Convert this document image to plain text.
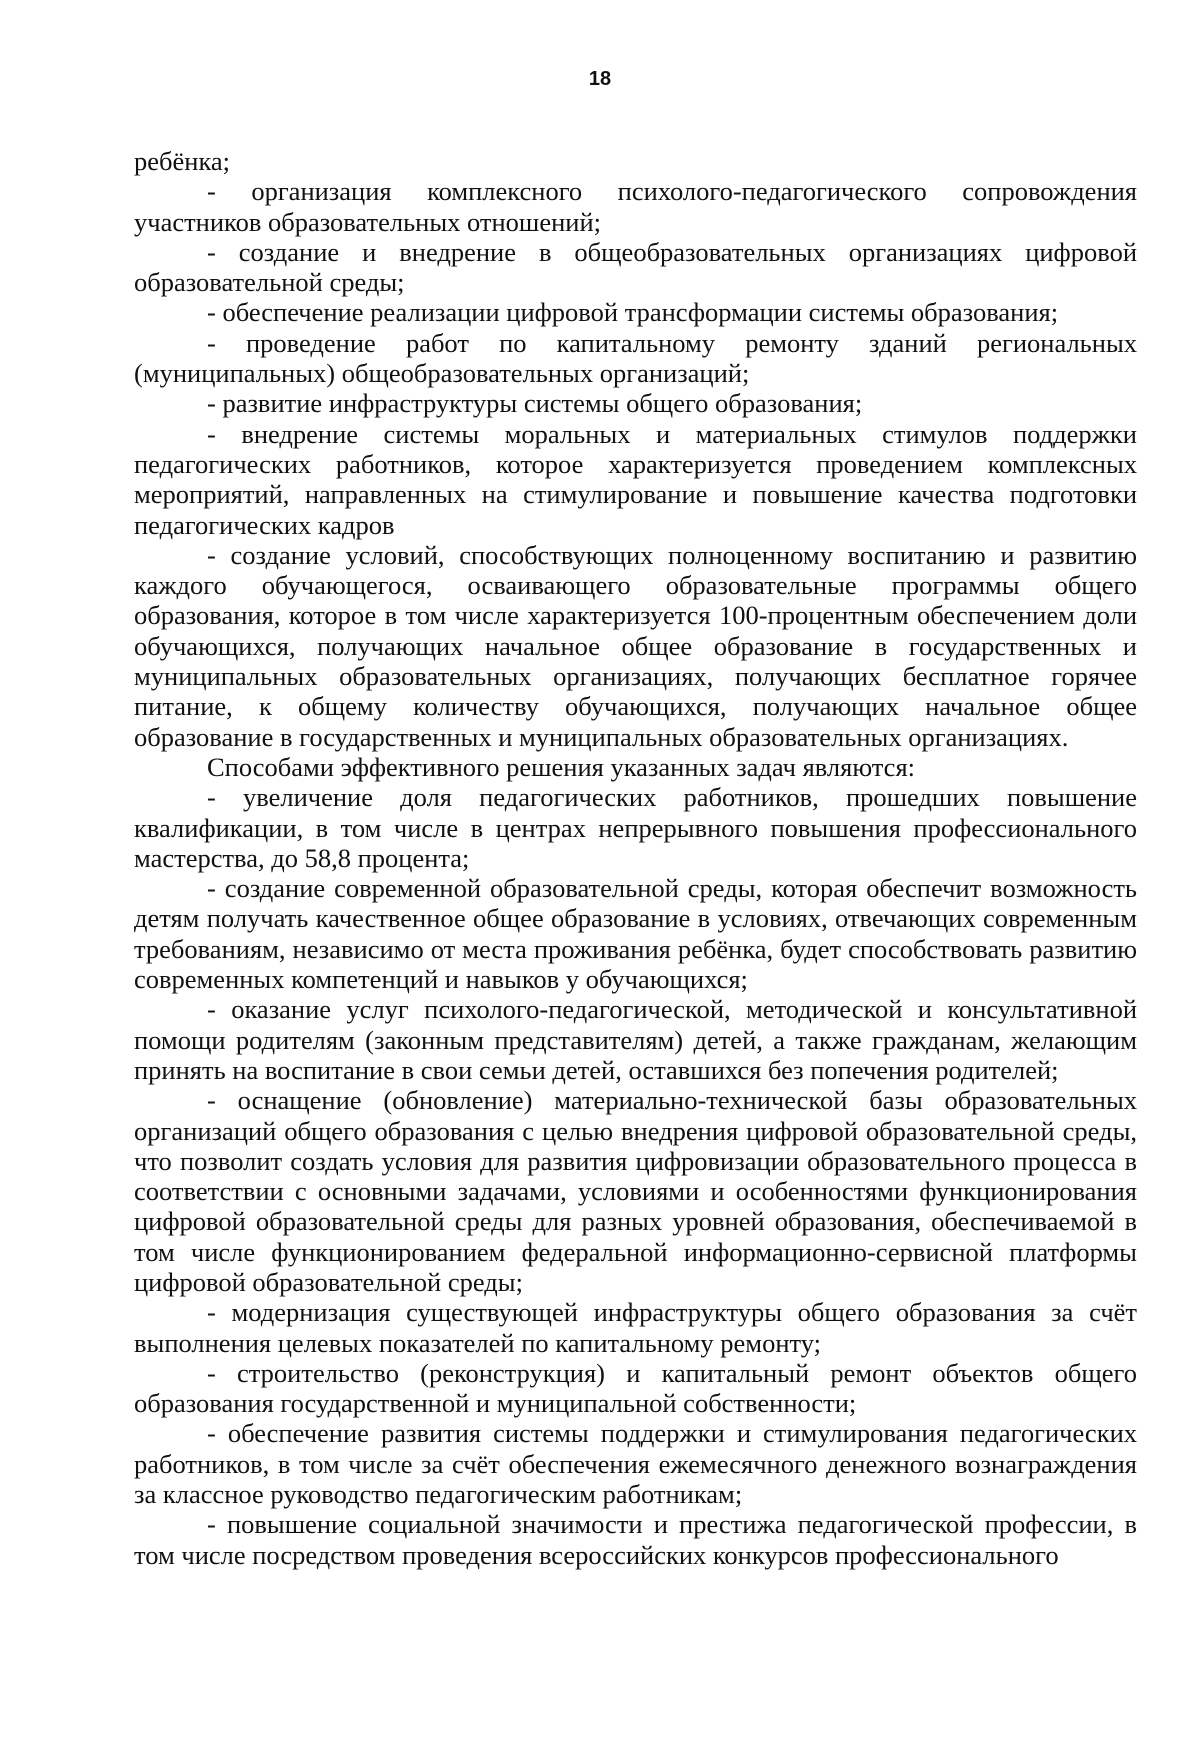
18

ребёнка;

- организация комплексного психолого-педагогического сопровождения участников образовательных отношений;

- создание и внедрение в общеобразовательных организациях цифровой образовательной среды;

- обеспечение реализации цифровой трансформации системы образования;

- проведение работ по капитальному ремонту зданий региональных (муниципальных) общеобразовательных организаций;

- развитие инфраструктуры системы общего образования;

- внедрение системы моральных и материальных стимулов поддержки педагогических работников, которое характеризуется проведением комплексных мероприятий, направленных на стимулирование и повышение качества подготовки педагогических кадров

- создание условий, способствующих полноценному воспитанию и развитию каждого обучающегося, осваивающего образовательные программы общего образования, которое в том числе характеризуется 100-процентным обеспечением доли обучающихся, получающих начальное общее образование в государственных и муниципальных образовательных организациях, получающих бесплатное горячее питание, к общему количеству обучающихся, получающих начальное общее образование в государственных и муниципальных образовательных организациях.

Способами эффективного решения указанных задач являются:

- увеличение доля педагогических работников, прошедших повышение квалификации, в том числе в центрах непрерывного повышения профессионального мастерства, до 58,8 процента;

- создание современной образовательной среды, которая обеспечит возможность детям получать качественное общее образование в условиях, отвечающих современным требованиям, независимо от места проживания ребёнка, будет способствовать развитию современных компетенций и навыков у обучающихся;

- оказание услуг психолого-педагогической, методической и консультативной помощи родителям (законным представителям) детей, а также гражданам, желающим принять на воспитание в свои семьи детей, оставшихся без попечения родителей;

- оснащение (обновление) материально-технической базы образовательных организаций общего образования с целью внедрения цифровой образовательной среды, что позволит создать условия для развития цифровизации образовательного процесса в соответствии с основными задачами, условиями и особенностями функционирования цифровой образовательной среды для разных уровней образования, обеспечиваемой в том числе функционированием федеральной информационно-сервисной платформы цифровой образовательной среды;

- модернизация существующей инфраструктуры общего образования за счёт выполнения целевых показателей по капитальному ремонту;

- строительство (реконструкция) и капитальный ремонт объектов общего образования государственной и муниципальной собственности;

- обеспечение развития системы поддержки и стимулирования педагогических работников, в том числе за счёт обеспечения ежемесячного денежного вознаграждения за классное руководство педагогическим работникам;

- повышение социальной значимости и престижа педагогической профессии, в том числе посредством проведения всероссийских конкурсов профессионального
